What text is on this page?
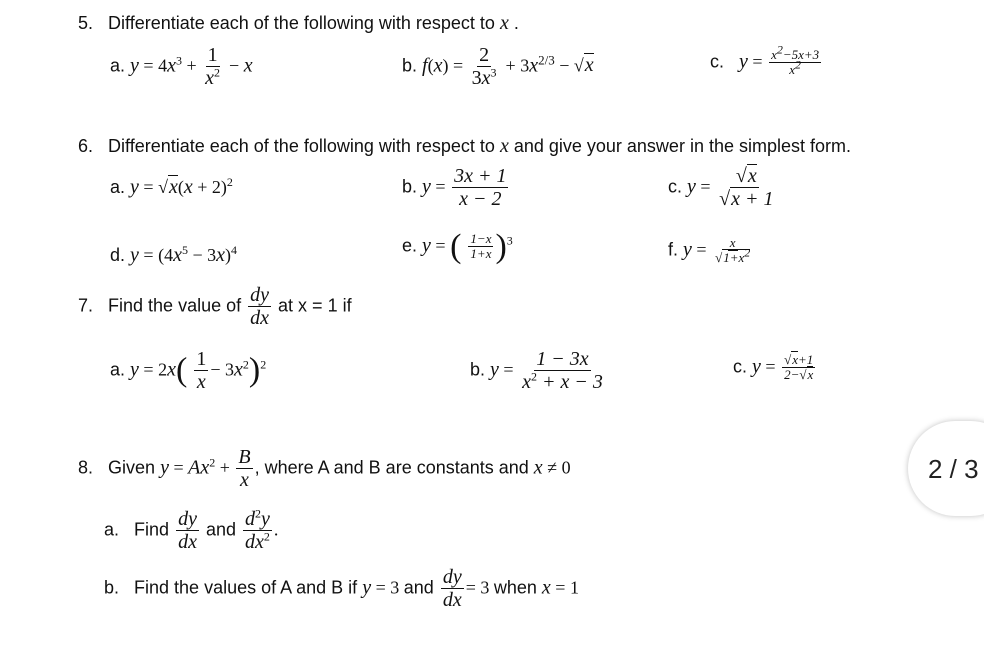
5. Differentiate each of the following with respect to x .
a. $y = 4x^3 + \frac{1}{x^2} - x$	b. $f(x) = \frac{2}{3x^3} + 3x^{2/3} - √x$	c. $y = \frac{x2-5x+3}{x2}$
6. Differentiate each of the following with respect to x and give your answer in the simplest form.
a. $y = √x(x + 2)^2$	b. $y = \frac{3x + 1}{x - 2}$	c. $y = \frac{√x}{√x + 1}$
d. $y = (4x^5 - 3x)^4$	e. y = ( $\frac{1-x}{1+x} )^3$	f. $y = \frac{x}{√1+x2}$
7. Find the value of $\frac{dy}{dx}$ at x = 1 if
a. $y = 2x( \frac{1}{x} - 3x^2)^2$	b. $y = \frac{1 - 3x}{x^2 + x - 3}$	c. $y = \frac{√x+1}{2-√x}$
8. Given $y = Ax^2 + \frac{B}{x}$ , where A and B are constants and x ≠ 0
a. Find $\frac{dy}{dx}$ and $\frac{d^2y}{dx^2}$ .
b. Find the values of A and B if y = 3 and $\frac{dy}{dx} = 3$ when x = 1
2 / 3
